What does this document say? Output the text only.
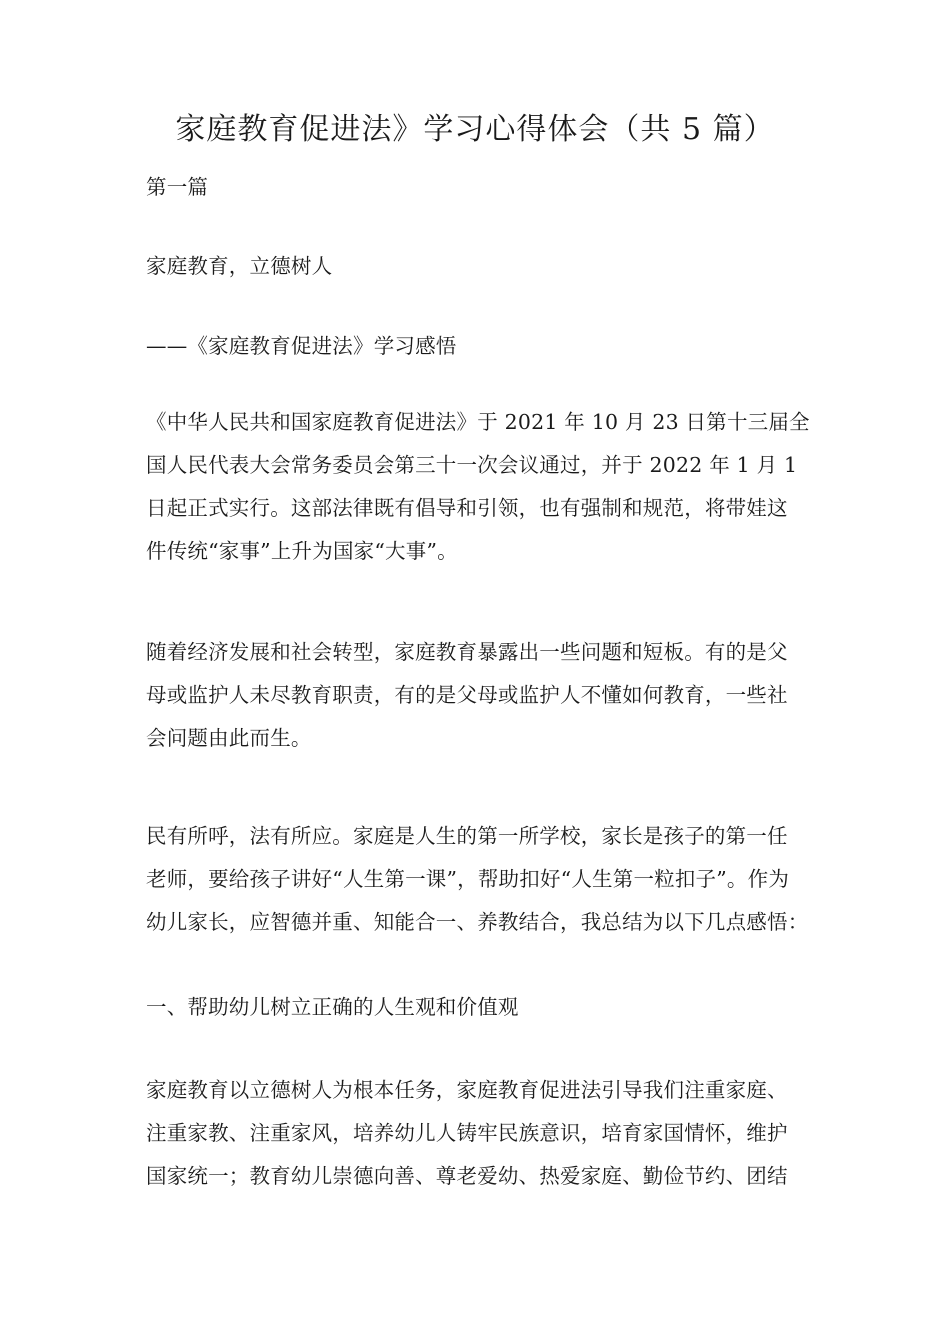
家庭教育促进法》学习心得体会（共 5 篇）
第一篇
家庭教育，立德树人
——《家庭教育促进法》学习感悟
《中华人民共和国家庭教育促进法》于 2021 年 10 月 23 日第十三届全
国人民代表大会常务委员会第三十一次会议通过，并于 2022 年 1 月 1
日起正式实行。这部法律既有倡导和引领，也有强制和规范，将带娃这
件传统“家事”上升为国家“大事”。
随着经济发展和社会转型，家庭教育暴露出一些问题和短板。有的是父
母或监护人未尽教育职责，有的是父母或监护人不懂如何教育，一些社
会问题由此而生。
民有所呼，法有所应。家庭是人生的第一所学校，家长是孩子的第一任
老师，要给孩子讲好“人生第一课”，帮助扣好“人生第一粒扣子”。作为
幼儿家长，应智德并重、知能合一、养教结合，我总结为以下几点感悟：
一、帮助幼儿树立正确的人生观和价值观
家庭教育以立德树人为根本任务，家庭教育促进法引导我们注重家庭、
注重家教、注重家风，培养幼儿人铸牢民族意识，培育家国情怀，维护
国家统一；教育幼儿崇德向善、尊老爱幼、热爱家庭、勤俭节约、团结
